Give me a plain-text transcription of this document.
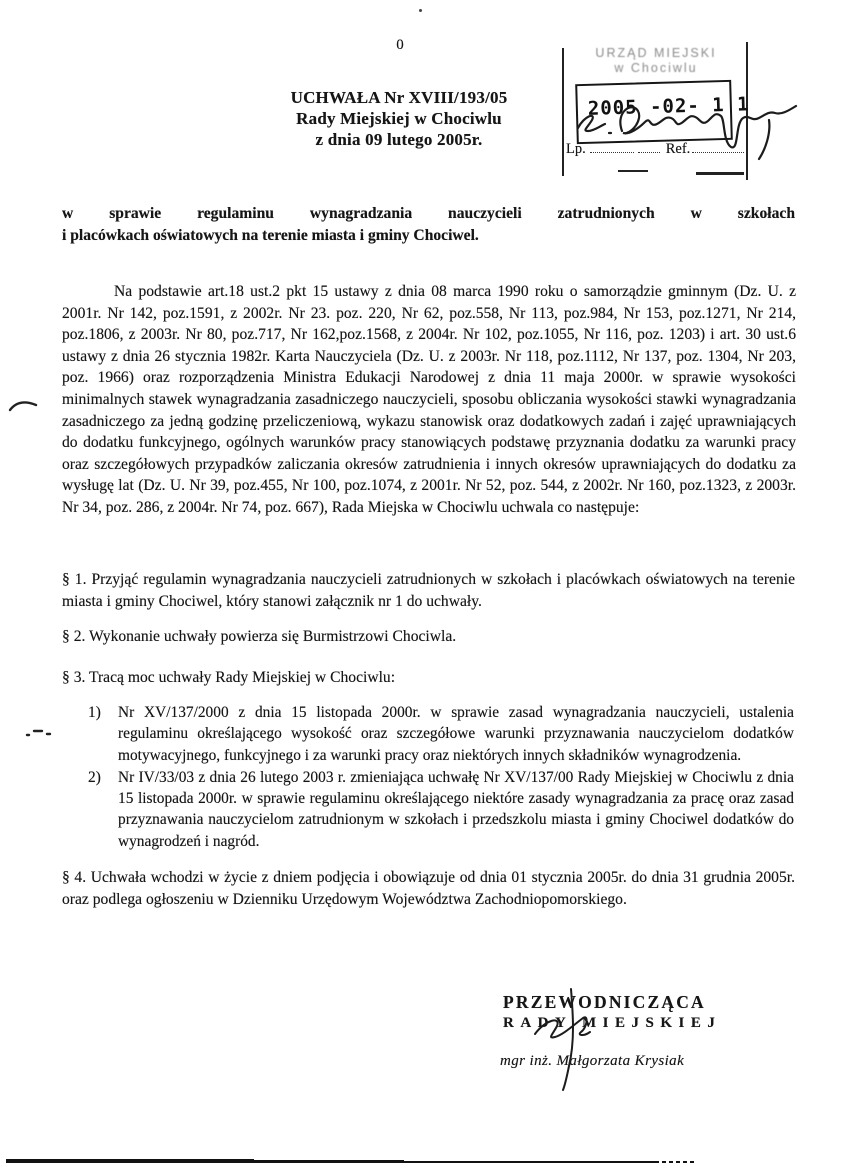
0
UCHWAŁA Nr XVIII/193/05
Rady Miejskiej w Chociwlu
z dnia 09 lutego 2005r.
URZĄD MIEJSKI
w Chociwlu
2005 -02- 1 1
Lp.	Ref.
w sprawie regulaminu wynagradzania nauczycieli zatrudnionych w szkołach
i placówkach oświatowych na terenie miasta i gminy Chociwel.
Na podstawie art.18 ust.2 pkt 15 ustawy z dnia 08 marca 1990 roku o samorządzie gminnym (Dz. U. z 2001r. Nr 142, poz.1591, z 2002r. Nr 23. poz. 220, Nr 62, poz.558, Nr 113, poz.984, Nr 153, poz.1271, Nr 214, poz.1806, z 2003r. Nr 80, poz.717, Nr 162,poz.1568, z 2004r. Nr 102, poz.1055, Nr 116, poz. 1203) i art. 30 ust.6 ustawy z dnia 26 stycznia 1982r. Karta Nauczyciela (Dz. U. z 2003r. Nr 118, poz.1112, Nr 137, poz. 1304, Nr 203, poz. 1966) oraz rozporządzenia Ministra Edukacji Narodowej z dnia 11 maja 2000r. w sprawie wysokości minimalnych stawek wynagradzania zasadniczego nauczycieli, sposobu obliczania wysokości stawki wynagradzania zasadniczego za jedną godzinę przeliczeniową, wykazu stanowisk oraz dodatkowych zadań i zajęć uprawniających do dodatku funkcyjnego, ogólnych warunków pracy stanowiących podstawę przyznania dodatku za warunki pracy oraz szczegółowych przypadków zaliczania okresów zatrudnienia i innych okresów uprawniających do dodatku za wysługę lat (Dz. U. Nr 39, poz.455, Nr 100, poz.1074, z 2001r. Nr 52, poz. 544, z 2002r. Nr 160, poz.1323, z 2003r. Nr 34, poz. 286, z 2004r. Nr 74, poz. 667), Rada Miejska w Chociwlu uchwala co następuje:
§ 1. Przyjąć regulamin wynagradzania nauczycieli zatrudnionych w szkołach i placówkach oświatowych na terenie miasta i gminy Chociwel, który stanowi załącznik nr 1 do uchwały.
§ 2. Wykonanie uchwały powierza się Burmistrzowi Chociwla.
§ 3. Tracą moc uchwały Rady Miejskiej w Chociwlu:
1)	Nr XV/137/2000 z dnia 15 listopada 2000r. w sprawie zasad wynagradzania nauczycieli, ustalenia regulaminu określającego wysokość oraz szczegółowe warunki przyznawania nauczycielom dodatków motywacyjnego, funkcyjnego i za warunki pracy oraz niektórych innych składników wynagrodzenia.
2)	Nr IV/33/03 z dnia 26 lutego 2003 r. zmieniająca uchwałę Nr XV/137/00 Rady Miejskiej w Chociwlu z dnia 15 listopada 2000r. w sprawie regulaminu określającego niektóre zasady wynagradzania za pracę oraz zasad przyznawania nauczycielom zatrudnionym w szkołach i przedszkolu miasta i gminy Chociwel dodatków do wynagrodzeń i nagród.
§ 4. Uchwała wchodzi w życie z dniem podjęcia i obowiązuje od dnia 01 stycznia 2005r. do dnia 31 grudnia 2005r. oraz podlega ogłoszeniu w Dzienniku Urzędowym Województwa Zachodniopomorskiego.
PRZEWODNICZĄCA
RADY MIEJSKIEJ
mgr inż. Małgorzata Krysiak
